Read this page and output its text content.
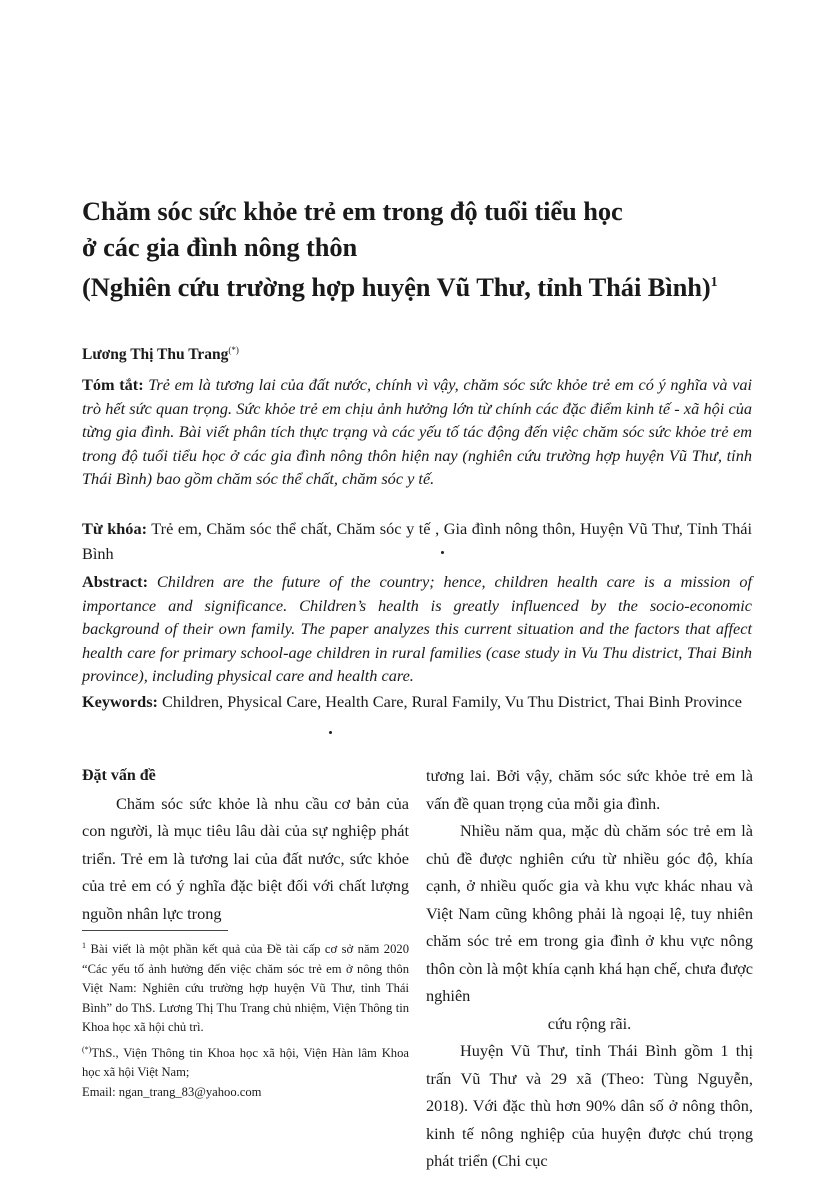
Chăm sóc sức khỏe trẻ em trong độ tuổi tiểu học
ở các gia đình nông thôn
(Nghiên cứu trường hợp huyện Vũ Thư, tỉnh Thái Bình)$^1$
Lương Thị Thu Trang(*)

Tóm tắt: Trẻ em là tương lai của đất nước, chính vì vậy, chăm sóc sức khỏe trẻ em có ý nghĩa và vai trò hết sức quan trọng. Sức khỏe trẻ em chịu ảnh hưởng lớn từ chính các đặc điểm kinh tế - xã hội của từng gia đình. Bài viết phân tích thực trạng và các yếu tố tác động đến việc chăm sóc sức khỏe trẻ em trong độ tuổi tiểu học ở các gia đình nông thôn hiện nay (nghiên cứu trường hợp huyện Vũ Thư, tỉnh Thái Bình) bao gồm chăm sóc thể chất, chăm sóc y tế.

Từ khóa: Trẻ em, Chăm sóc thể chất, Chăm sóc y tế , Gia đình nông thôn, Huyện Vũ Thư, Tỉnh Thái Bình

Abstract: Children are the future of the country; hence, children health care is a mission of importance and significance. Children’s health is greatly influenced by the socio-economic background of their own family. The paper analyzes this current situation and the factors that affect health care for primary school-age children in rural families (case study in Vu Thu district, Thai Binh province), including physical care and health care.

Keywords: Children, Physical Care, Health Care, Rural Family, Vu Thu District, Thai Binh Province

Đặt vấn đề

Chăm sóc sức khỏe là nhu cầu cơ bản của con người, là mục tiêu lâu dài của sự nghiệp phát triển. Trẻ em là tương lai của đất nước, sức khỏe của trẻ em có ý nghĩa đặc biệt đối với chất lượng nguồn nhân lực trong

tương lai. Bởi vậy, chăm sóc sức khỏe trẻ em là vấn đề quan trọng của mỗi gia đình.

Nhiều năm qua, mặc dù chăm sóc trẻ em là chủ đề được nghiên cứu từ nhiều góc độ, khía cạnh, ở nhiều quốc gia và khu vực khác nhau và Việt Nam cũng không phải là ngoại lệ, tuy nhiên chăm sóc trẻ em trong gia đình ở khu vực nông thôn còn là một khía cạnh khá hạn chế, chưa được nghiên

cứu rộng rãi.

Huyện Vũ Thư, tỉnh Thái Bình gồm 1 thị trấn Vũ Thư và 29 xã (Theo: Tùng Nguyễn, 2018). Với đặc thù hơn 90% dân số ở nông thôn, kinh tế nông nghiệp của huyện được chú trọng phát triển (Chi cục

$^1$ Bài viết là một phần kết quả của Đề tài cấp cơ sở năm 2020 “Các yếu tố ảnh hưởng đến việc chăm sóc trẻ em ở nông thôn Việt Nam: Nghiên cứu trường hợp huyện Vũ Thư, tỉnh Thái Bình” do ThS. Lương Thị Thu Trang chủ nhiệm, Viện Thông tin Khoa học xã hội chủ trì.

(*)ThS., Viện Thông tin Khoa học xã hội, Viện Hàn lâm Khoa học xã hội Việt Nam;
Email: ngan_trang_83@yahoo.com
